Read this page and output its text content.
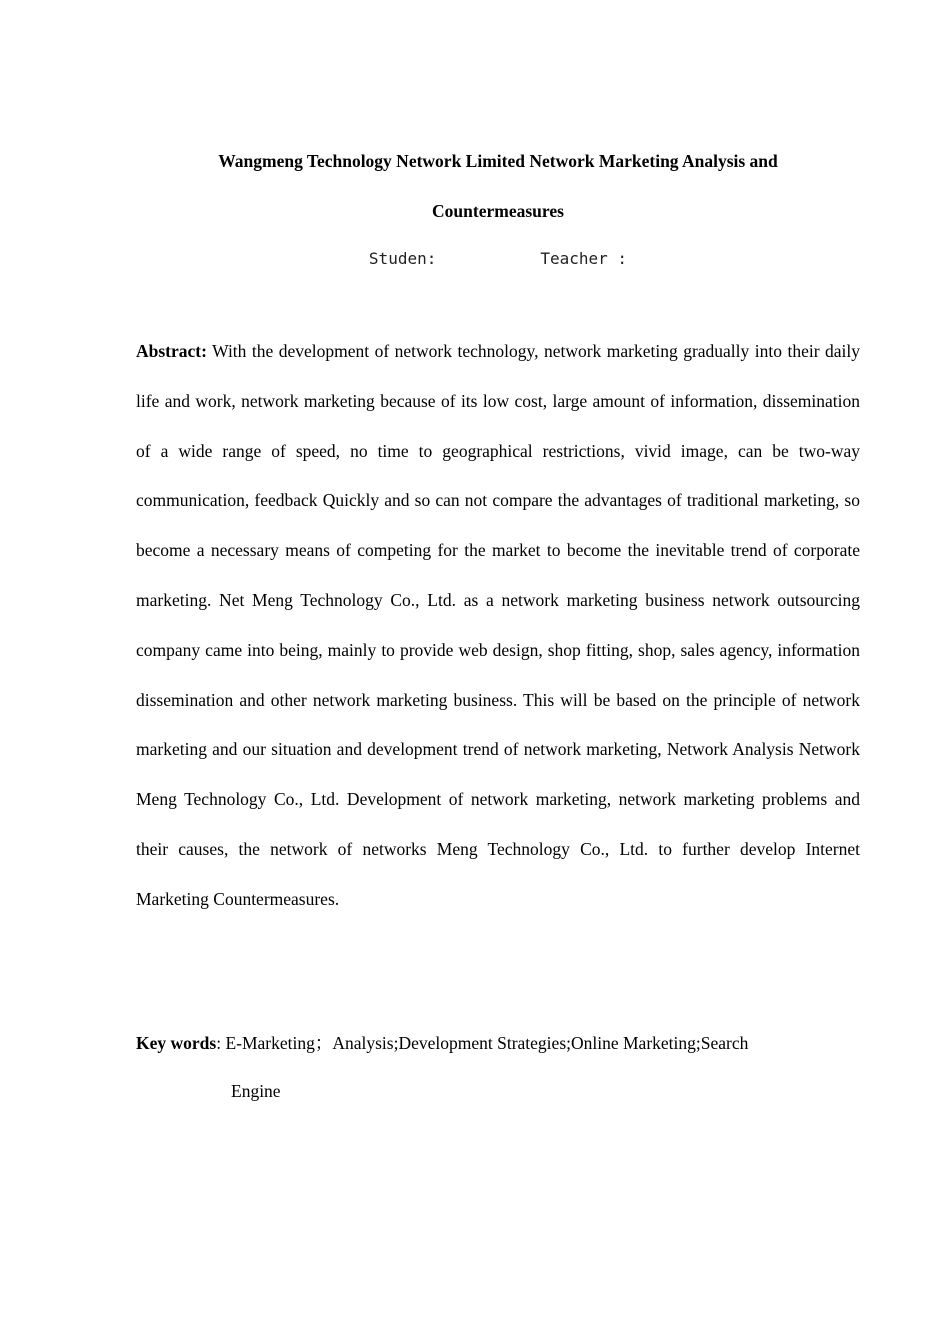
Wangmeng Technology Network Limited Network Marketing Analysis and
Countermeasures
Studen:	Teacher :

Abstract: With the development of network technology, network marketing gradually into their daily life and work, network marketing because of its low cost, large amount of information, dissemination of a wide range of speed, no time to geographical restrictions, vivid image, can be two-way communication, feedback Quickly and so can not compare the advantages of traditional marketing, so become a necessary means of competing for the market to become the inevitable trend of corporate marketing. Net Meng Technology Co., Ltd. as a network marketing business network outsourcing company came into being, mainly to provide web design, shop fitting, shop, sales agency, information dissemination and other network marketing business. This will be based on the principle of network marketing and our situation and development trend of network marketing, Network Analysis Network Meng Technology Co., Ltd. Development of network marketing, network marketing problems and their causes, the network of networks Meng Technology Co., Ltd. to further develop Internet Marketing Countermeasures.

Key words: E-Marketing；Analysis;Development Strategies;Online Marketing;Search
Engine
